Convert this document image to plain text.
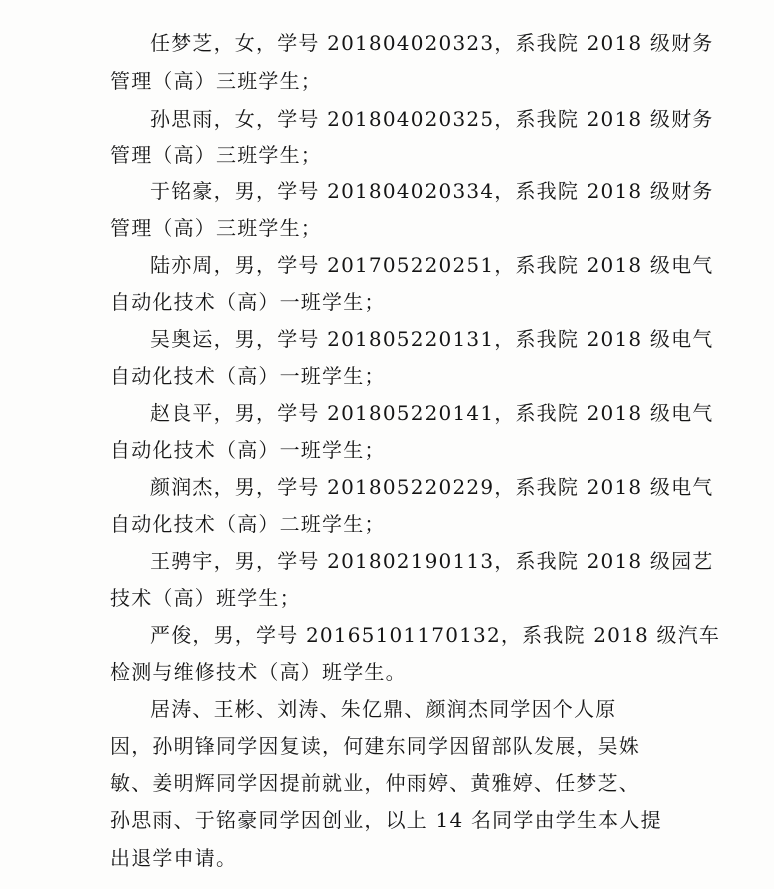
任梦芝，女，学号 201804020323，系我院 2018 级财务
管理（高）三班学生；
孙思雨，女，学号 201804020325，系我院 2018 级财务
管理（高）三班学生；
于铭豪，男，学号 201804020334，系我院 2018 级财务
管理（高）三班学生；
陆亦周，男，学号 201705220251，系我院 2018 级电气
自动化技术（高）一班学生；
吴奥运，男，学号 201805220131，系我院 2018 级电气
自动化技术（高）一班学生；
赵良平，男，学号 201805220141，系我院 2018 级电气
自动化技术（高）一班学生；
颜润杰，男，学号 201805220229，系我院 2018 级电气
自动化技术（高）二班学生；
王骋宇，男，学号 201802190113，系我院 2018 级园艺
技术（高）班学生；
严俊，男，学号 20165101170132，系我院 2018 级汽车
检测与维修技术（高）班学生。
居涛、王彬、刘涛、朱亿鼎、颜润杰同学因个人原
因，孙明锋同学因复读，何建东同学因留部队发展，吴姝
敏、姜明辉同学因提前就业，仲雨婷、黄雅婷、任梦芝、
孙思雨、于铭豪同学因创业，以上 14 名同学由学生本人提
出退学申请。
